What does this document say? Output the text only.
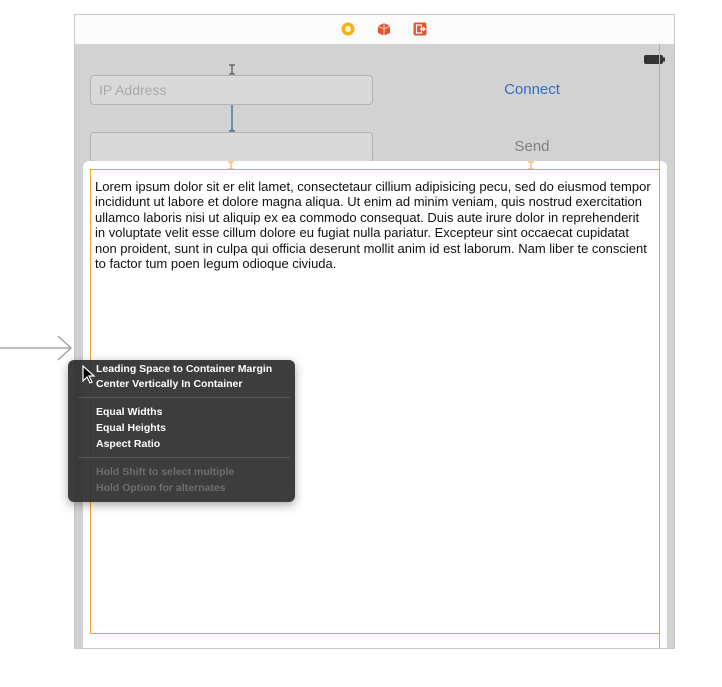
IP Address	Connect
Send
Lorem ipsum dolor sit er elit lamet, consectetaur cillium adipisicing pecu, sed do eiusmod tempor incididunt ut labore et dolore magna aliqua. Ut enim ad minim veniam, quis nostrud exercitation ullamco laboris nisi ut aliquip ex ea commodo consequat. Duis aute irure dolor in reprehenderit in voluptate velit esse cillum dolore eu fugiat nulla pariatur. Excepteur sint occaecat cupidatat non proident, sunt in culpa qui officia deserunt mollit anim id est laborum. Nam liber te conscient to factor tum poen legum odioque civiuda.
Leading Space to Container Margin
Center Vertically In Container
Equal Widths
Equal Heights
Aspect Ratio
Hold Shift to select multiple
Hold Option for alternates
